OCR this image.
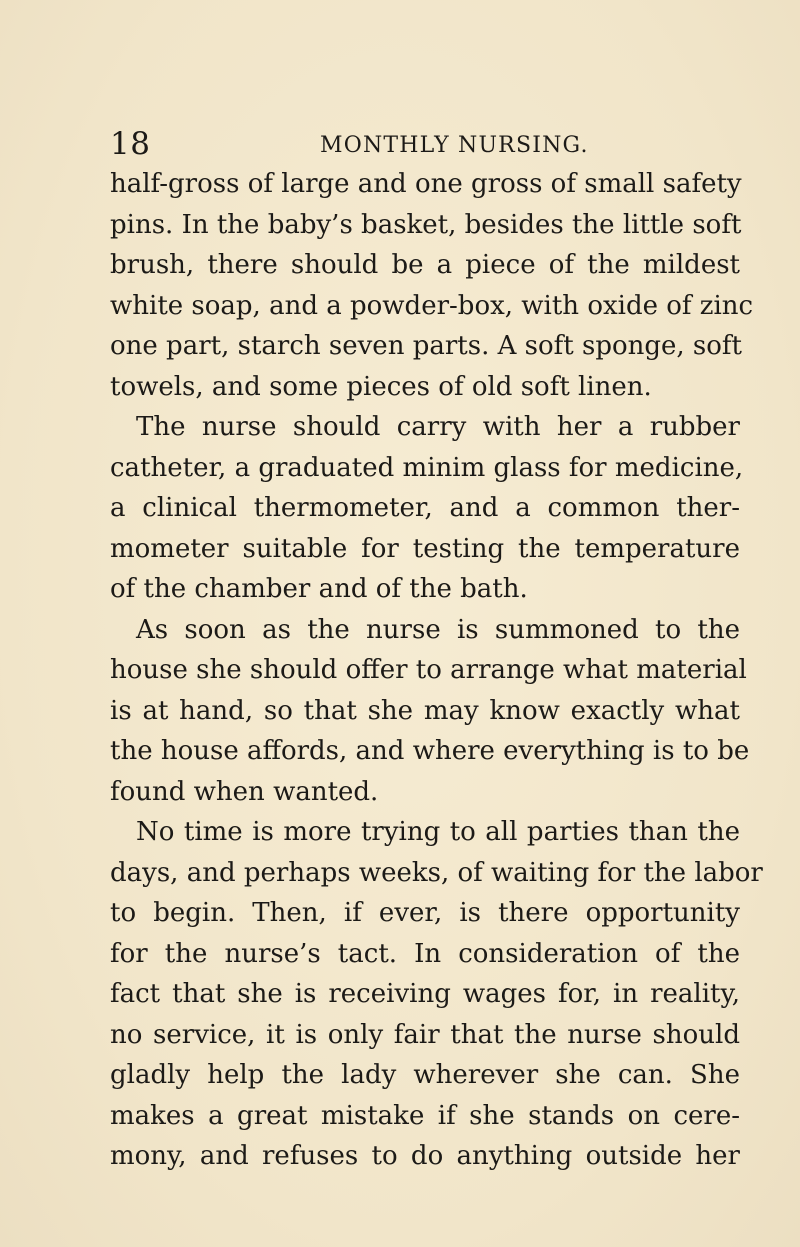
18	MONTHLY NURSING.
half-gross of large and one gross of small safety
pins. In the baby’s basket, besides the little soft
brush, there should be a piece of the mildest
white soap, and a powder-box, with oxide of zinc
one part, starch seven parts. A soft sponge, soft
towels, and some pieces of old soft linen.
The nurse should carry with her a rubber
catheter, a graduated minim glass for medicine,
a clinical thermometer, and a common ther-
mometer suitable for testing the temperature
of the chamber and of the bath.
As soon as the nurse is summoned to the
house she should offer to arrange what material
is at hand, so that she may know exactly what
the house affords, and where everything is to be
found when wanted.
No time is more trying to all parties than the
days, and perhaps weeks, of waiting for the labor
to begin. Then, if ever, is there opportunity
for the nurse’s tact. In consideration of the
fact that she is receiving wages for, in reality,
no service, it is only fair that the nurse should
gladly help the lady wherever she can. She
makes a great mistake if she stands on cere-
mony, and refuses to do anything outside her
